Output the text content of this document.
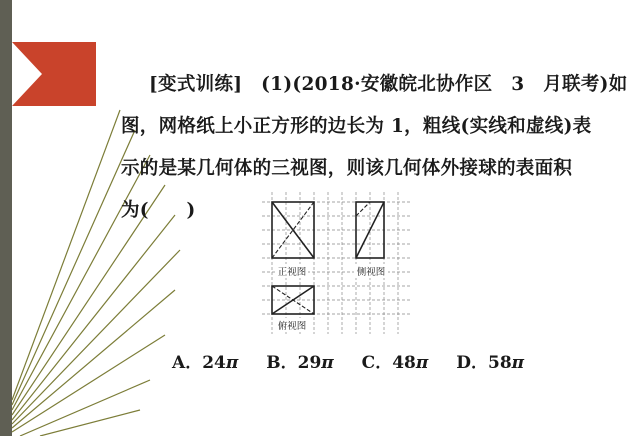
[变式训练]　(1)(2018·安徽皖北协作区　3　月联考)如
图，网格纸上小正方形的边长为 1，粗线(实线和虚线)表
示的是某几何体的三视图，则该几何体外接球的表面积
为(　　)
正视图	侧视图
俯视图
A．24π B．29π C．48π D．58π
